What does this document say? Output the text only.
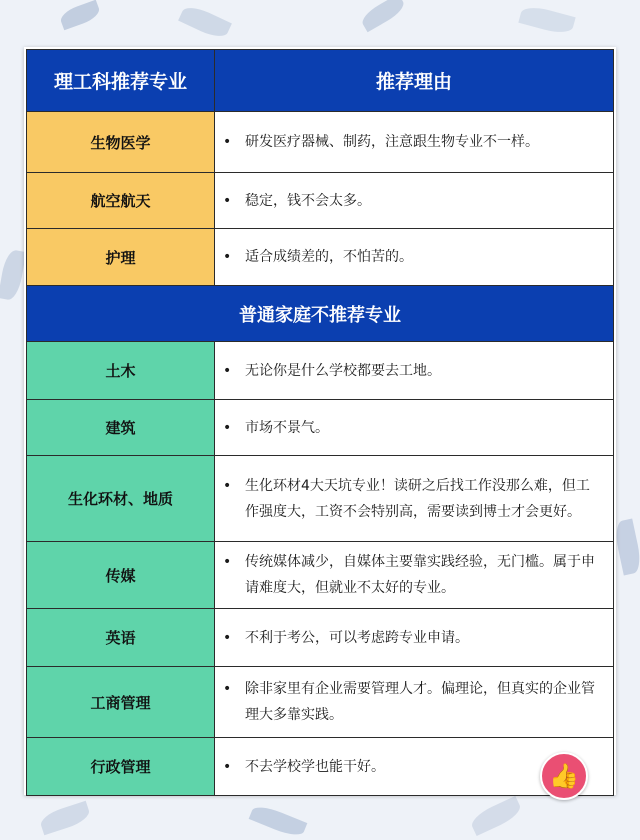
理工科推荐专业	推荐理由
生物医学	• 研发医疗器械、制药，注意跟生物专业不一样。

航空航天	• 稳定，钱不会太多。

护理	• 适合成绩差的，不怕苦的。

普通家庭不推荐专业	
土木	• 无论你是什么学校都要去工地。

建筑	• 市场不景气。

生化环材、地质	• 生化环材4大天坑专业！读研之后找工作没那么难，但工作强度大，工资不会特别高，需要读到博士才会更好。

传媒	• 传统媒体减少，自媒体主要靠实践经验，无门槛。属于申请难度大，但就业不太好的专业。

英语	• 不利于考公，可以考虑跨专业申请。

工商管理	• 除非家里有企业需要管理人才。偏理论，但真实的企业管理大多靠实践。

行政管理	• 不去学校学也能干好。	👍
